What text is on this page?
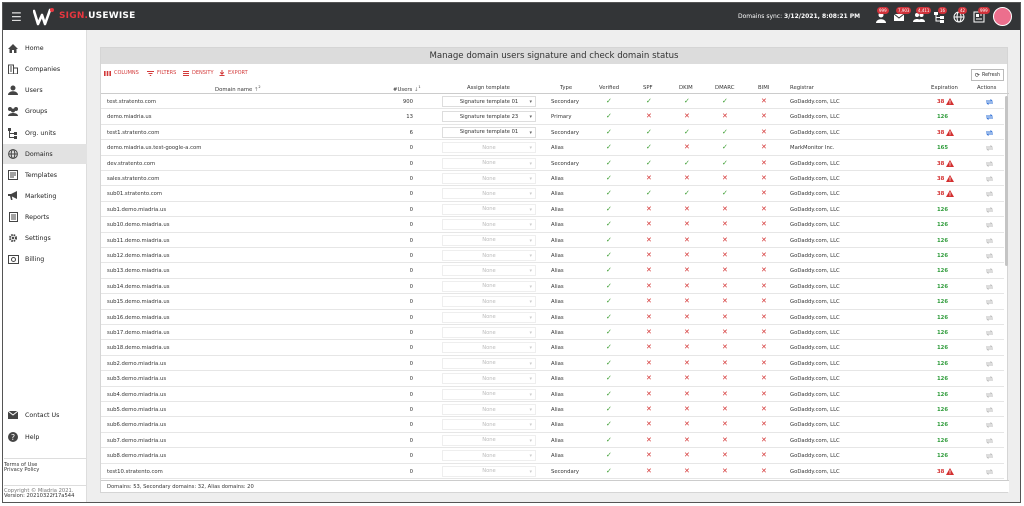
☰	SIGN.USEWISE	Domains sync: 3/12/2021, 8:08:21 PM
999	7,903	4,411	16	42	999
Home
Companies
Users
Groups
Org. units
Domains
Templates
Marketing
Reports
Settings
Billing
Contact Us
? Help
Terms of Use
Privacy Policy
Copyright © Miadria 2021.
Version: 20210322f17a544
Manage domain users signature and check domain status
COLUMNS	FILTERS	DENSITY	EXPORT	⟳ Refresh
Domain name ↑$^2$	#Users ↓$^1$	Assign template	Type	Verified	SPF	DKIM	DMARC	BIMI	Registrar	Expiration	Actions
test.stratento.com	900	Signature template 01 ▾	Secondary	✓	✓	✓	✓	✕	GoDaddy.com, LLC	38
demo.miadria.us	13	Signature template 23 ▾	Primary	✓	✕	✕	✕	✕	GoDaddy.com, LLC	126
test1.stratento.com	6	Signature template 01 ▾	Secondary	✓	✓	✓	✓	✕	GoDaddy.com, LLC	38
demo.miadria.us.test-google-a.com	0	None	▾	Alias	✓	✓	✕	✓	✕	MarkMonitor Inc.	165
dev.stratento.com	0	None	▾	Secondary	✓	✓	✓	✓	✕	GoDaddy.com, LLC	38
sales.stratento.com	0	None	▾	Alias	✓	✕	✕	✕	✕	GoDaddy.com, LLC	38
sub01.stratento.com	0	None	▾	Alias	✓	✓	✓	✓	✕	GoDaddy.com, LLC	38
sub1.demo.miadria.us	0	None	▾	Alias	✓	✕	✕	✕	✕	GoDaddy.com, LLC	126
sub10.demo.miadria.us	0	None	▾	Alias	✓	✕	✕	✕	✕	GoDaddy.com, LLC	126
sub11.demo.miadria.us	0	None	▾	Alias	✓	✕	✕	✕	✕	GoDaddy.com, LLC	126
sub12.demo.miadria.us	0	None	▾	Alias	✓	✕	✕	✕	✕	GoDaddy.com, LLC	126
sub13.demo.miadria.us	0	None	▾	Alias	✓	✕	✕	✕	✕	GoDaddy.com, LLC	126
sub14.demo.miadria.us	0	None	▾	Alias	✓	✕	✕	✕	✕	GoDaddy.com, LLC	126
sub15.demo.miadria.us	0	None	▾	Alias	✓	✕	✕	✕	✕	GoDaddy.com, LLC	126
sub16.demo.miadria.us	0	None	▾	Alias	✓	✕	✕	✕	✕	GoDaddy.com, LLC	126
sub17.demo.miadria.us	0	None	▾	Alias	✓	✕	✕	✕	✕	GoDaddy.com, LLC	126
sub18.demo.miadria.us	0	None	▾	Alias	✓	✕	✕	✕	✕	GoDaddy.com, LLC	126
sub2.demo.miadria.us	0	None	▾	Alias	✓	✕	✕	✕	✕	GoDaddy.com, LLC	126
sub3.demo.miadria.us	0	None	▾	Alias	✓	✕	✕	✕	✕	GoDaddy.com, LLC	126
sub4.demo.miadria.us	0	None	▾	Alias	✓	✕	✕	✕	✕	GoDaddy.com, LLC	126
sub5.demo.miadria.us	0	None	▾	Alias	✓	✕	✕	✕	✕	GoDaddy.com, LLC	126
sub6.demo.miadria.us	0	None	▾	Alias	✓	✕	✕	✕	✕	GoDaddy.com, LLC	126
sub7.demo.miadria.us	0	None	▾	Alias	✓	✕	✕	✕	✕	GoDaddy.com, LLC	126
sub8.demo.miadria.us	0	None	▾	Alias	✓	✕	✕	✕	✕	GoDaddy.com, LLC	126
test10.stratento.com	0	None	▾	Secondary	✓	✕	✕	✕	✕	GoDaddy.com, LLC	38
Domains: 53, Secondary domains: 32, Alias domains: 20
